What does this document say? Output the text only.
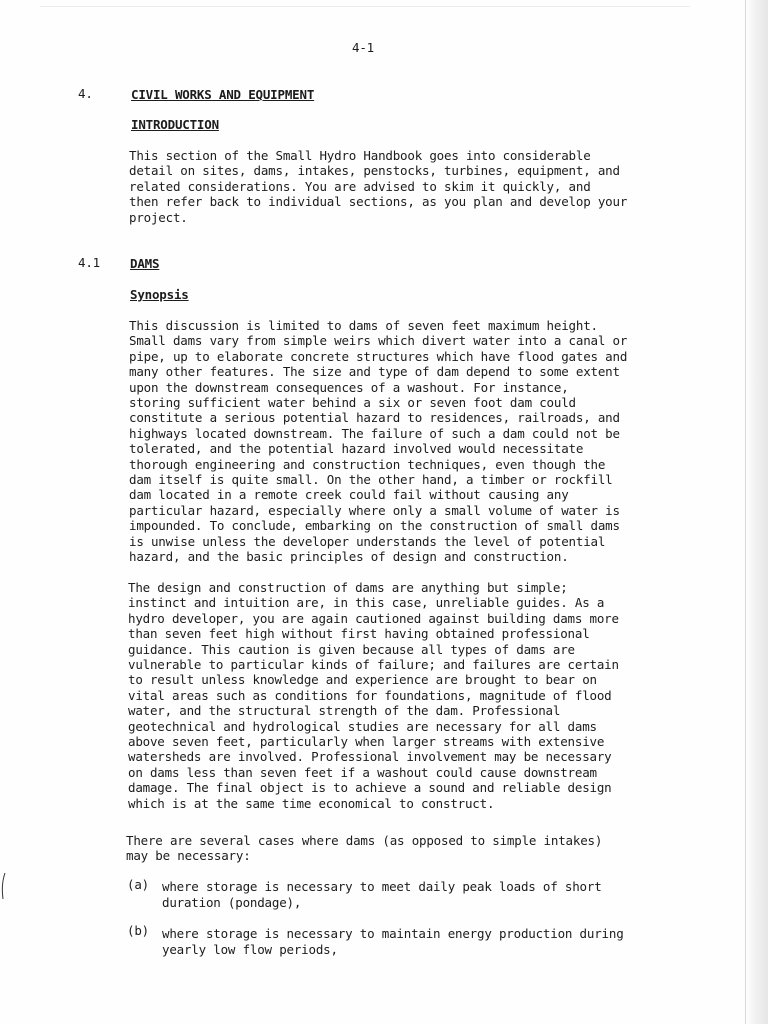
4-1
4.	CIVIL WORKS AND EQUIPMENT
INTRODUCTION
This section of the Small Hydro Handbook goes into considerable
detail on sites, dams, intakes, penstocks, turbines, equipment, and
related considerations. You are advised to skim it quickly, and
then refer back to individual sections, as you plan and develop your
project.
4.1 DAMS
Synopsis
This discussion is limited to dams of seven feet maximum height.
Small dams vary from simple weirs which divert water into a canal or
pipe, up to elaborate concrete structures which have flood gates and
many other features. The size and type of dam depend to some extent
upon the downstream consequences of a washout. For instance,
storing sufficient water behind a six or seven foot dam could
constitute a serious potential hazard to residences, railroads, and
highways located downstream. The failure of such a dam could not be
tolerated, and the potential hazard involved would necessitate
thorough engineering and construction techniques, even though the
dam itself is quite small. On the other hand, a timber or rockfill
dam located in a remote creek could fail without causing any
particular hazard, especially where only a small volume of water is
impounded. To conclude, embarking on the construction of small dams
is unwise unless the developer understands the level of potential
hazard, and the basic principles of design and construction.
The design and construction of dams are anything but simple;
instinct and intuition are, in this case, unreliable guides. As a
hydro developer, you are again cautioned against building dams more
than seven feet high without first having obtained professional
guidance. This caution is given because all types of dams are
vulnerable to particular kinds of failure; and failures are certain
to result unless knowledge and experience are brought to bear on
vital areas such as conditions for foundations, magnitude of flood
water, and the structural strength of the dam. Professional
geotechnical and hydrological studies are necessary for all dams
above seven feet, particularly when larger streams with extensive
watersheds are involved. Professional involvement may be necessary
on dams less than seven feet if a washout could cause downstream
damage. The final object is to achieve a sound and reliable design
which is at the same time economical to construct.
There are several cases where dams (as opposed to simple intakes)
may be necessary:
(a) where storage is necessary to meet daily peak loads of short
duration (pondage),
(b) where storage is necessary to maintain energy production during
yearly low flow periods,
